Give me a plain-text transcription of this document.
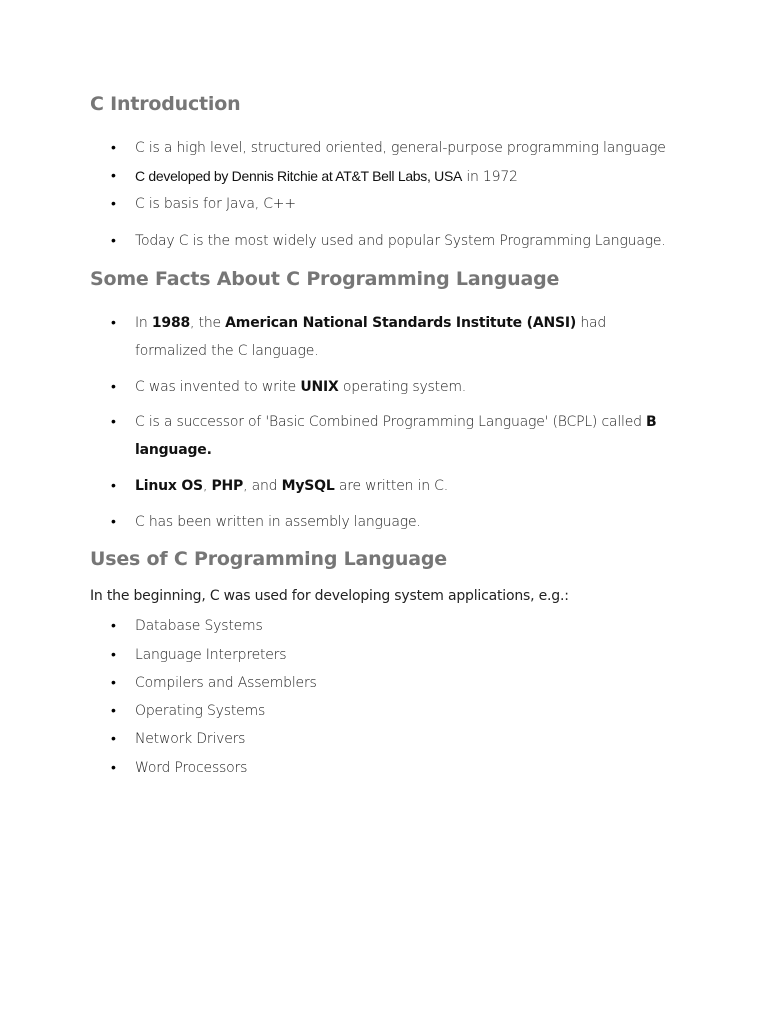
C Introduction
•	C is a high level, structured oriented, general-purpose programming language
•	C developed by Dennis Ritchie at AT&T Bell Labs, USA in 1972
•	C is basis for Java, C++
•	Today C is the most widely used and popular System Programming Language.
Some Facts About C Programming Language
•	In 1988, the American National Standards Institute (ANSI) had formalized the C language.
•	C was invented to write UNIX operating system.
•	C is a successor of 'Basic Combined Programming Language' (BCPL) called B language.
•	Linux OS, PHP, and MySQL are written in C.
•	C has been written in assembly language.
Uses of C Programming Language
In the beginning, C was used for developing system applications, e.g.:
•	Database Systems
•	Language Interpreters
•	Compilers and Assemblers
•	Operating Systems
•	Network Drivers
•	Word Processors
